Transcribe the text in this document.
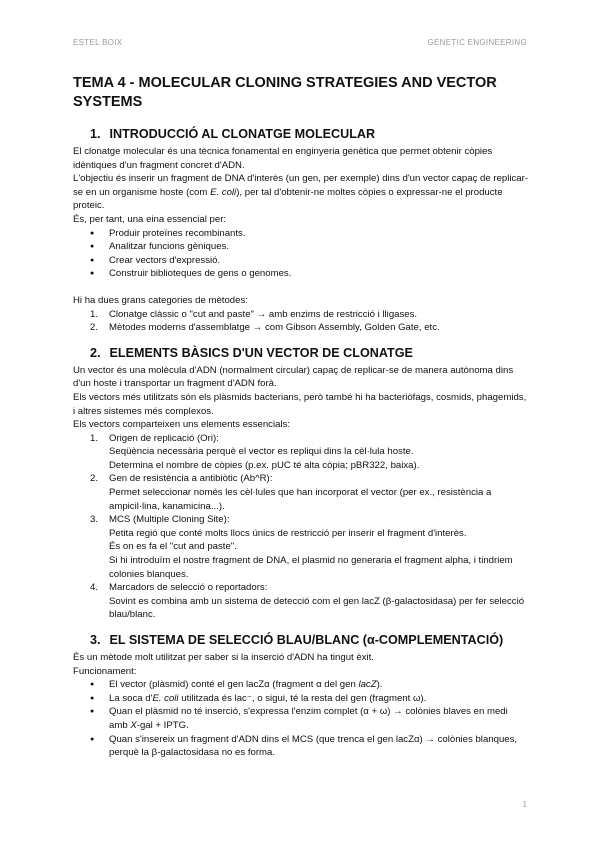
ESTEL BOIX	GENETIC ENGINEERING
TEMA 4 - MOLECULAR CLONING STRATEGIES AND VECTOR SYSTEMS
1. INTRODUCCIÓ AL CLONATGE MOLECULAR

El clonatge molecular és una tècnica fonamental en enginyeria genètica que permet obtenir còpies idèntiques d'un fragment concret d'ADN.

L'objectiu és inserir un fragment de DNA d'interès (un gen, per exemple) dins d'un vector capaç de replicar-se en un organisme hoste (com E. coli), per tal d'obtenir-ne moltes còpies o expressar-ne el producte proteic.

És, per tant, una eina essencial per:

● Produir proteïnes recombinants.
● Analitzar funcions gèniques.
● Crear vectors d'expressió.
● Construir biblioteques de gens o genomes.

Hi ha dues grans categories de mètodes:

1. Clonatge clàssic o "cut and paste" → amb enzims de restricció i lligases.
2. Mètodes moderns d'assemblatge → com Gibson Assembly, Golden Gate, etc.
2. ELEMENTS BÀSICS D'UN VECTOR DE CLONATGE

Un vector és una molècula d'ADN (normalment circular) capaç de replicar-se de manera autònoma dins d'un hoste i transportar un fragment d'ADN forà.

Els vectors més utilitzats són els plàsmids bacterians, però també hi ha bacteriòfags, cosmids, phagemids, i altres sistemes més complexos.

Els vectors comparteixen uns elements essencials:

1. Origen de replicació (Ori):
Seqüència necessària perquè el vector es repliqui dins la cèl·lula hoste.
Determina el nombre de còpies (p.ex. pUC té alta còpia; pBR322, baixa).
2. Gen de resistència a antibiòtic (Ab^R):
Permet seleccionar només les cèl·lules que han incorporat el vector (per ex., resistència a ampicil·lina, kanamicina...).
3. MCS (Multiple Cloning Site):
Petita regió que conté molts llocs únics de restricció per inserir el fragment d'interès.
És on es fa el "cut and paste".
Si hi introduïm el nostre fragment de DNA, el plasmid no generaria el fragment alpha, i tindriem colonies blanques.
4. Marcadors de selecció o reportadors:
Sovint es combina amb un sistema de detecció com el gen lacZ (β-galactosidasa) per fer selecció blau/blanc.
3. EL SISTEMA DE SELECCIÓ BLAU/BLANC (α-COMPLEMENTACIÓ)

És un mètode molt utilitzat per saber si la inserció d'ADN ha tingut èxit.

Funcionament:

● El vector (plàsmid) conté el gen lacZα (fragment α del gen lacZ).
● La soca d'E. coli utilitzada és lac⁻, o sigui, té la resta del gen (fragment ω).
● Quan el plàsmid no té inserció, s'expressa l'enzim complet (α + ω) → colònies blaves en medi amb X-gal + IPTG.
● Quan s'insereix un fragment d'ADN dins el MCS (que trenca el gen lacZα) → colònies blanques, perquè la β-galactosidasa no es forma.
1
